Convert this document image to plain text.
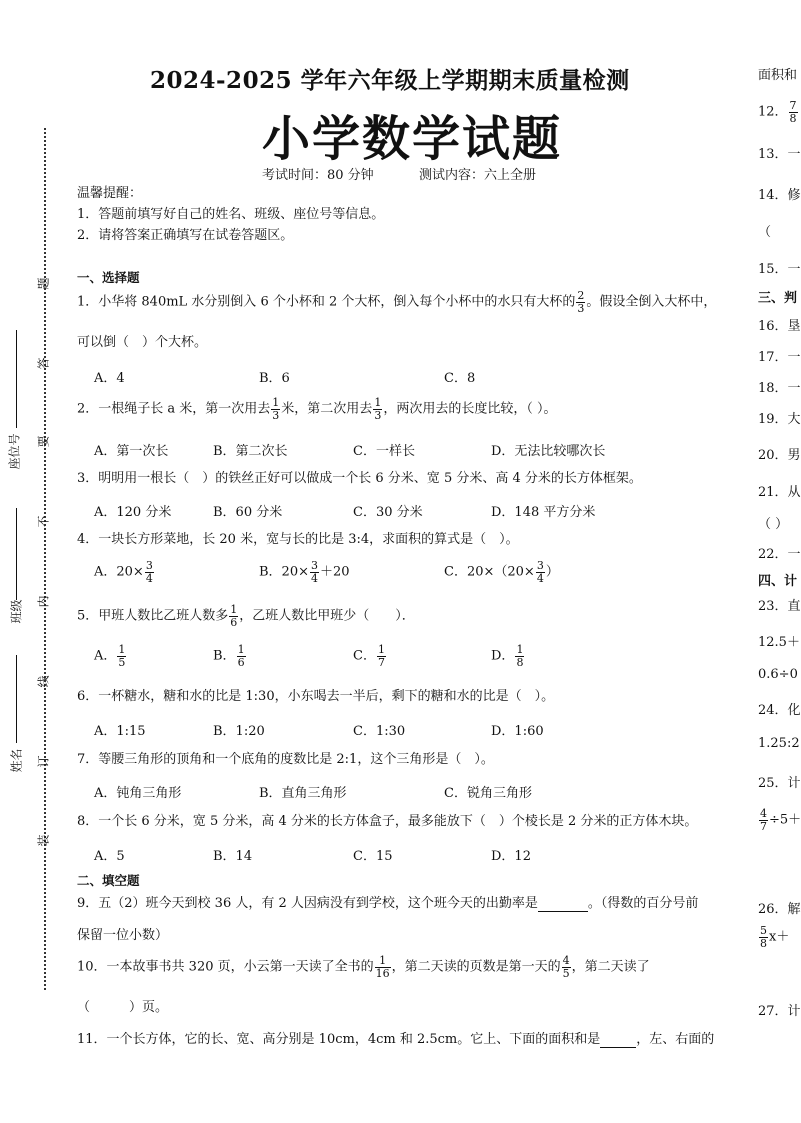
2024-2025 学年六年级上学期期末质量检测
小学数学试题
考试时间：80 分钟	测试内容：六上全册
温馨提醒：
1．答题前填写好自己的姓名、班级、座位号等信息。
2．请将答案正确填写在试卷答题区。
座位号
班级
姓名
题
答
要
不
内
线
订
装
一、选择题
1．小华将 840mL 水分别倒入 6 个小杯和 2 个大杯，倒入每个小杯中的水只有大杯的 $\frac{2}{3}$ 。假设全倒入大杯中，
可以倒（　）个大杯。
A．4	B．6	C．8
2．一根绳子长 a 米，第一次用去 $\frac{1}{3}$ 米，第二次用去 $\frac{1}{3}$ ，两次用去的长度比较，（ ）。
A．第一次长	B．第二次长	C．一样长	D．无法比较哪次长
3．明明用一根长（　）的铁丝正好可以做成一个长 6 分米、宽 5 分米、高 4 分米的长方体框架。
A．120 分米	B．60 分米	C．30 分米	D．148 平方分米
4．一块长方形菜地，长 20 米，宽与长的比是 3:4，求面积的算式是（　）。
A．$20\times \frac{3}{4}$	B．$20\times \frac{3}{4} +20$	C．$20\times(20\times \frac{3}{4}$ ）
5．甲班人数比乙班人数多 $\frac{1}{6}$ ，乙班人数比甲班少（　　）．
A． $\frac{1}{5}$	B． $\frac{1}{6}$	C． $\frac{1}{7}$	D． $\frac{1}{8}$
6．一杯糖水，糖和水的比是 1:30，小东喝去一半后，剩下的糖和水的比是（　）。
A．1:15	B．1:20	C．1:30	D．1:60
7．等腰三角形的顶角和一个底角的度数比是 2:1，这个三角形是（　）。
A．钝角三角形	B．直角三角形	C．锐角三角形
8．一个长 6 分米，宽 5 分米，高 4 分米的长方体盒子，最多能放下（　）个棱长是 2 分米的正方体木块。
A．5	B．14	C．15	D．12
二、填空题
9．五（2）班今天到校 36 人，有 2 人因病没有到学校，这个班今天的出勤率是	。（得数的百分号前
保留一位小数）
10．一本故事书共 320 页，小云第一天读了全书的 $\frac{1}{16}$ ，第二天读的页数是第一天的 $\frac{4}{5}$ ，第二天读了
（　　　）页。
11．一个长方体，它的长、宽、高分别是 10cm，4cm 和 2.5cm。它上、下面的面积和是	，左、右面的
面积和
12． $\frac{7}{8}$
13．一
14．修
（
15．一
三、判
16．垦
17．一
18．一
19．大
20．男
21．从
（ ）
22．一
四、计
23．直
12.5＋
0.6÷0
24．化
1.25:2
25．计
$\frac{4}{7} \div 5+$
26．解
$\frac{5}{8} x+$
27．计
